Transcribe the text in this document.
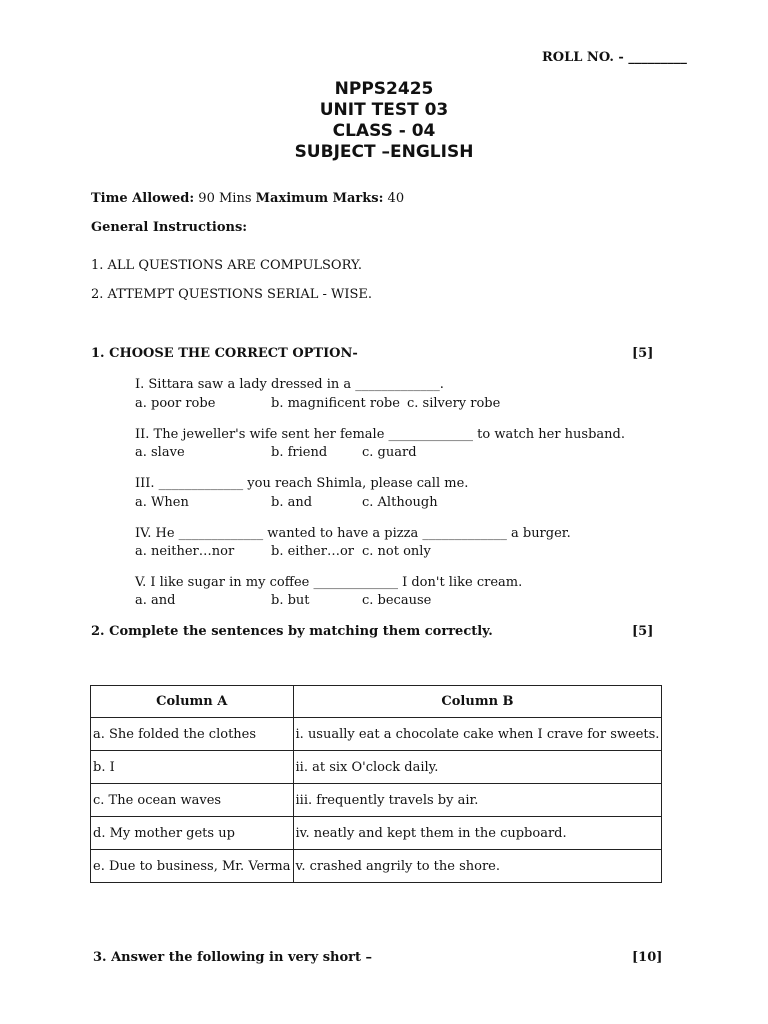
ROLL NO. - _________
NPPS2425
UNIT TEST 03
CLASS - 04
SUBJECT –ENGLISH
Time Allowed: 90 Mins Maximum Marks: 40
General Instructions:
1. ALL QUESTIONS ARE COMPULSORY.
2. ATTEMPT QUESTIONS SERIAL - WISE.
1. CHOOSE THE CORRECT OPTION-	[5]
I. Sittara saw a lady dressed in a _____________.
a. poor robe	b. magnificent robe c. silvery robe
II. The jeweller's wife sent her female _____________ to watch her husband.
a. slave	b. friend	c. guard
III. _____________ you reach Shimla, please call me.
a. When	b. and	c. Although
IV. He _____________ wanted to have a pizza _____________ a burger.
a. neither…nor	b. either…or c. not only
V. I like sugar in my coffee _____________ I don't like cream.
a. and	b. but	c. because
2. Complete the sentences by matching them correctly.	[5]
Column A	Column B
a. She folded the clothes	i. usually eat a chocolate cake when I crave for sweets.
b. I	ii. at six O'clock daily.
c. The ocean waves	iii. frequently travels by air.
d. My mother gets up	iv. neatly and kept them in the cupboard.
e. Due to business, Mr. Verma	v. crashed angrily to the shore.
3. Answer the following in very short –	[10]
